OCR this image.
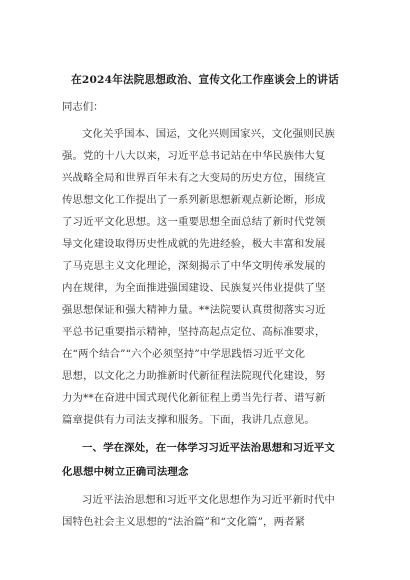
在2024年法院思想政治、宣传文化工作座谈会上的讲话
同志们：
文化关乎国本、国运，文化兴则国家兴，文化强则民族
强。党的十八大以来，习近平总书记站在中华民族伟大复
兴战略全局和世界百年未有之大变局的历史方位，围绕宣
传思想文化工作提出了一系列新思想新观点新论断，形成
了习近平文化思想。这一重要思想全面总结了新时代党领
导文化建设取得历史性成就的先进经验，极大丰富和发展
了马克思主义文化理论，深刻揭示了中华文明传承发展的
内在规律，为全面推进强国建设、民族复兴伟业提供了坚
强思想保证和强大精神力量。**法院要认真贯彻落实习近
平总书记重要指示精神，坚持高起点定位、高标准要求，
在“两个结合”“六个必须坚持”中学思践悟习近平文化
思想，以文化之力助推新时代新征程法院现代化建设，努
力为**在奋进中国式现代化新征程上勇当先行者、谱写新
篇章提供有力司法支撑和服务。下面，我讲几点意见。
一、学在深处，在一体学习习近平法治思想和习近平文
化思想中树立正确司法理念
习近平法治思想和习近平文化思想作为习近平新时代中
国特色社会主义思想的“法治篇”和“文化篇”，两者紧
